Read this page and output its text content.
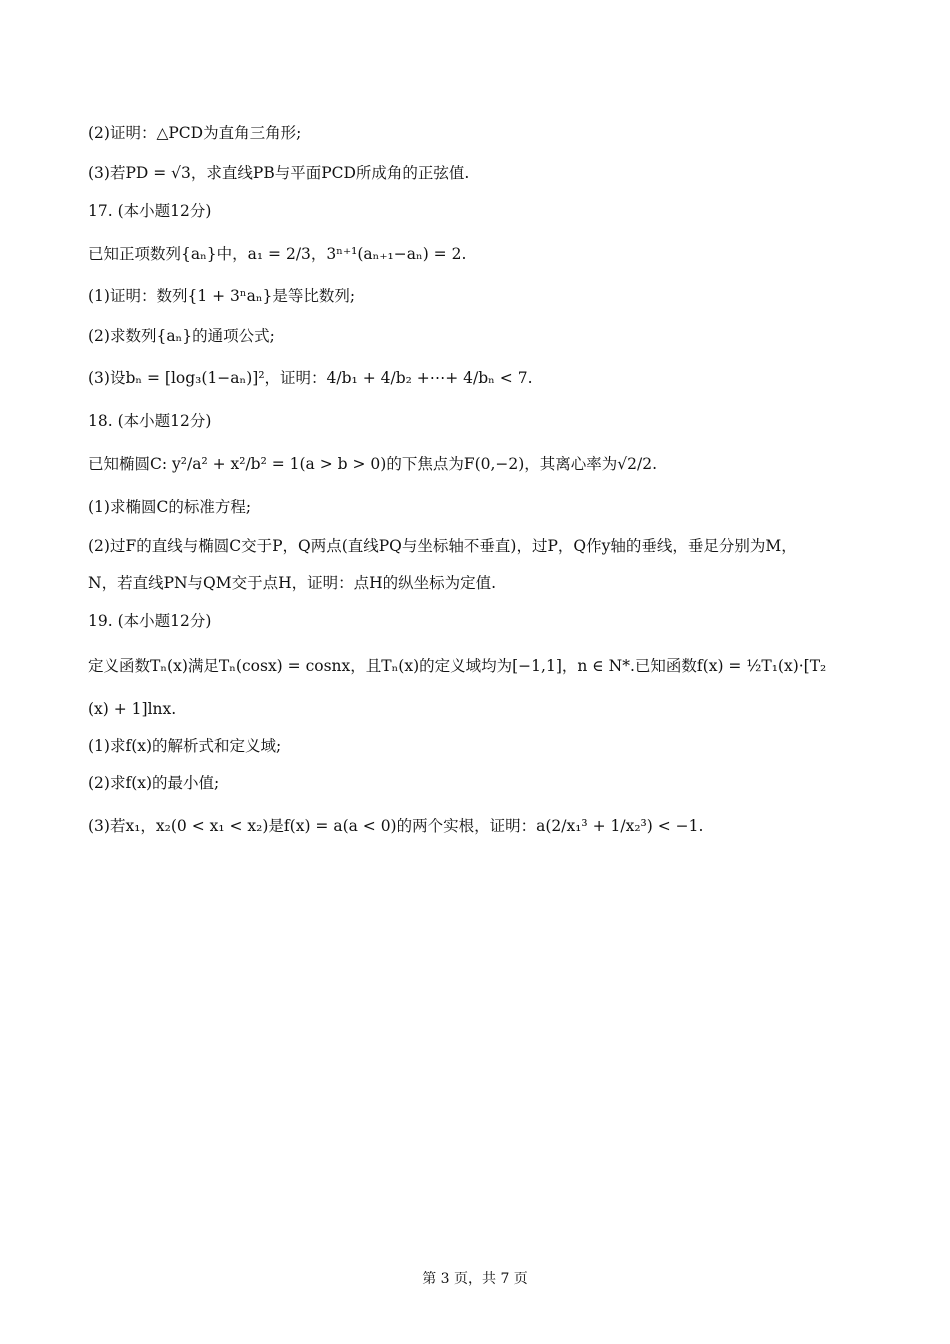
(2)证明：△PCD为直角三角形;
(3)若PD = √3，求直线PB与平面PCD所成角的正弦值.
17. (本小题12分)
已知正项数列{aₙ}中，a₁ = 2/3，3ⁿ⁺¹(aₙ₊₁−aₙ) = 2.
(1)证明：数列{1 + 3ⁿaₙ}是等比数列;
(2)求数列{aₙ}的通项公式;
(3)设bₙ = [log₃(1−aₙ)]²，证明：4/b₁ + 4/b₂ +⋯+ 4/bₙ < 7.
18. (本小题12分)
已知椭圆C: y²/a² + x²/b² = 1(a > b > 0)的下焦点为F(0,−2)，其离心率为√2/2.
(1)求椭圆C的标准方程;
(2)过F的直线与椭圆C交于P，Q两点(直线PQ与坐标轴不垂直)，过P，Q作y轴的垂线，垂足分别为M，
N，若直线PN与QM交于点H，证明：点H的纵坐标为定值.
19. (本小题12分)
定义函数Tₙ(x)满足Tₙ(cosx) = cosnx，且Tₙ(x)的定义域均为[−1,1]，n ∈ N*.已知函数f(x) = ½T₁(x)·[T₂
(x) + 1]lnx.
(1)求f(x)的解析式和定义域;
(2)求f(x)的最小值;
(3)若x₁，x₂(0 < x₁ < x₂)是f(x) = a(a < 0)的两个实根，证明：a(2/x₁³ + 1/x₂³) < −1.
第 3 页，共 7 页
